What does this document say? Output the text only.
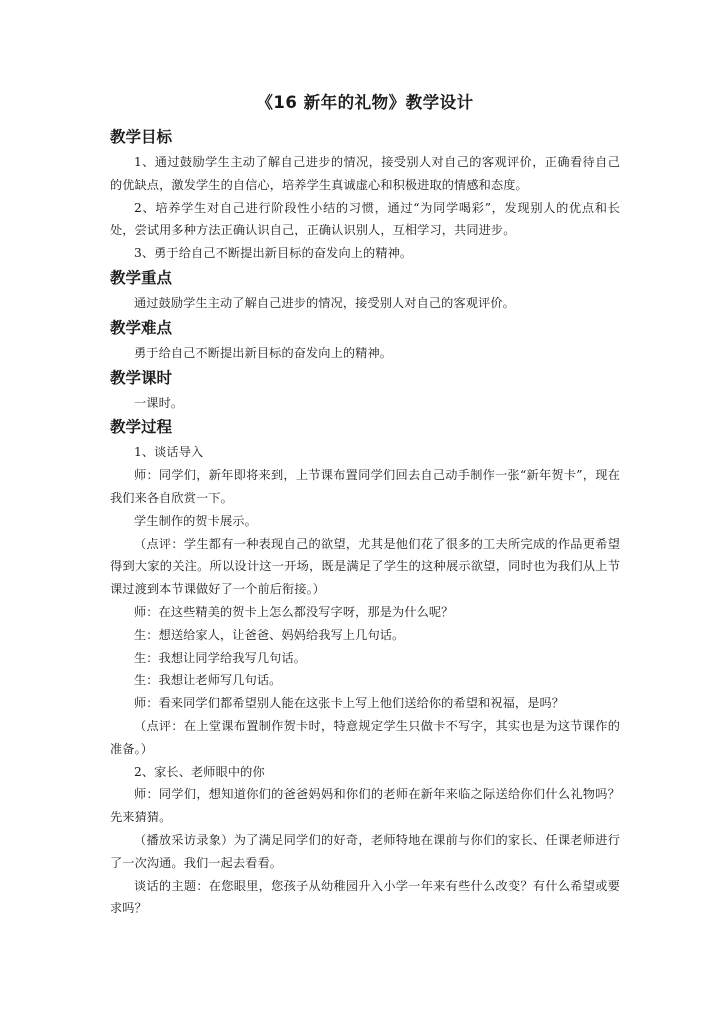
《16 新年的礼物》教学设计
教学目标

1、通过鼓励学生主动了解自己进步的情况，接受别人对自己的客观评价，正确看待自己的优缺点，激发学生的自信心，培养学生真诚虚心和积极进取的情感和态度。

2、培养学生对自己进行阶段性小结的习惯，通过“为同学喝彩”，发现别人的优点和长处，尝试用多种方法正确认识自己，正确认识别人，互相学习，共同进步。

3、勇于给自己不断提出新目标的奋发向上的精神。

教学重点

通过鼓励学生主动了解自己进步的情况，接受别人对自己的客观评价。

教学难点

勇于给自己不断提出新目标的奋发向上的精神。

教学课时

一课时。

教学过程

1、谈话导入

师：同学们，新年即将来到，上节课布置同学们回去自己动手制作一张“新年贺卡”，现在我们来各自欣赏一下。

学生制作的贺卡展示。

（点评：学生都有一种表现自己的欲望，尤其是他们花了很多的工夫所完成的作品更希望得到大家的关注。所以设计这一开场，既是满足了学生的这种展示欲望，同时也为我们从上节课过渡到本节课做好了一个前后衔接。）

师：在这些精美的贺卡上怎么都没写字呀，那是为什么呢？

生：想送给家人，让爸爸、妈妈给我写上几句话。

生：我想让同学给我写几句话。

生：我想让老师写几句话。

师：看来同学们都希望别人能在这张卡上写上他们送给你的希望和祝福，是吗？

（点评：在上堂课布置制作贺卡时，特意规定学生只做卡不写字，其实也是为这节课作的准备。）

2、家长、老师眼中的你

师：同学们，想知道你们的爸爸妈妈和你们的老师在新年来临之际送给你们什么礼物吗？先来猜猜。

（播放采访录象）为了满足同学们的好奇，老师特地在课前与你们的家长、任课老师进行了一次沟通。我们一起去看看。

谈话的主题：在您眼里，您孩子从幼稚园升入小学一年来有些什么改变？有什么希望或要求吗？
